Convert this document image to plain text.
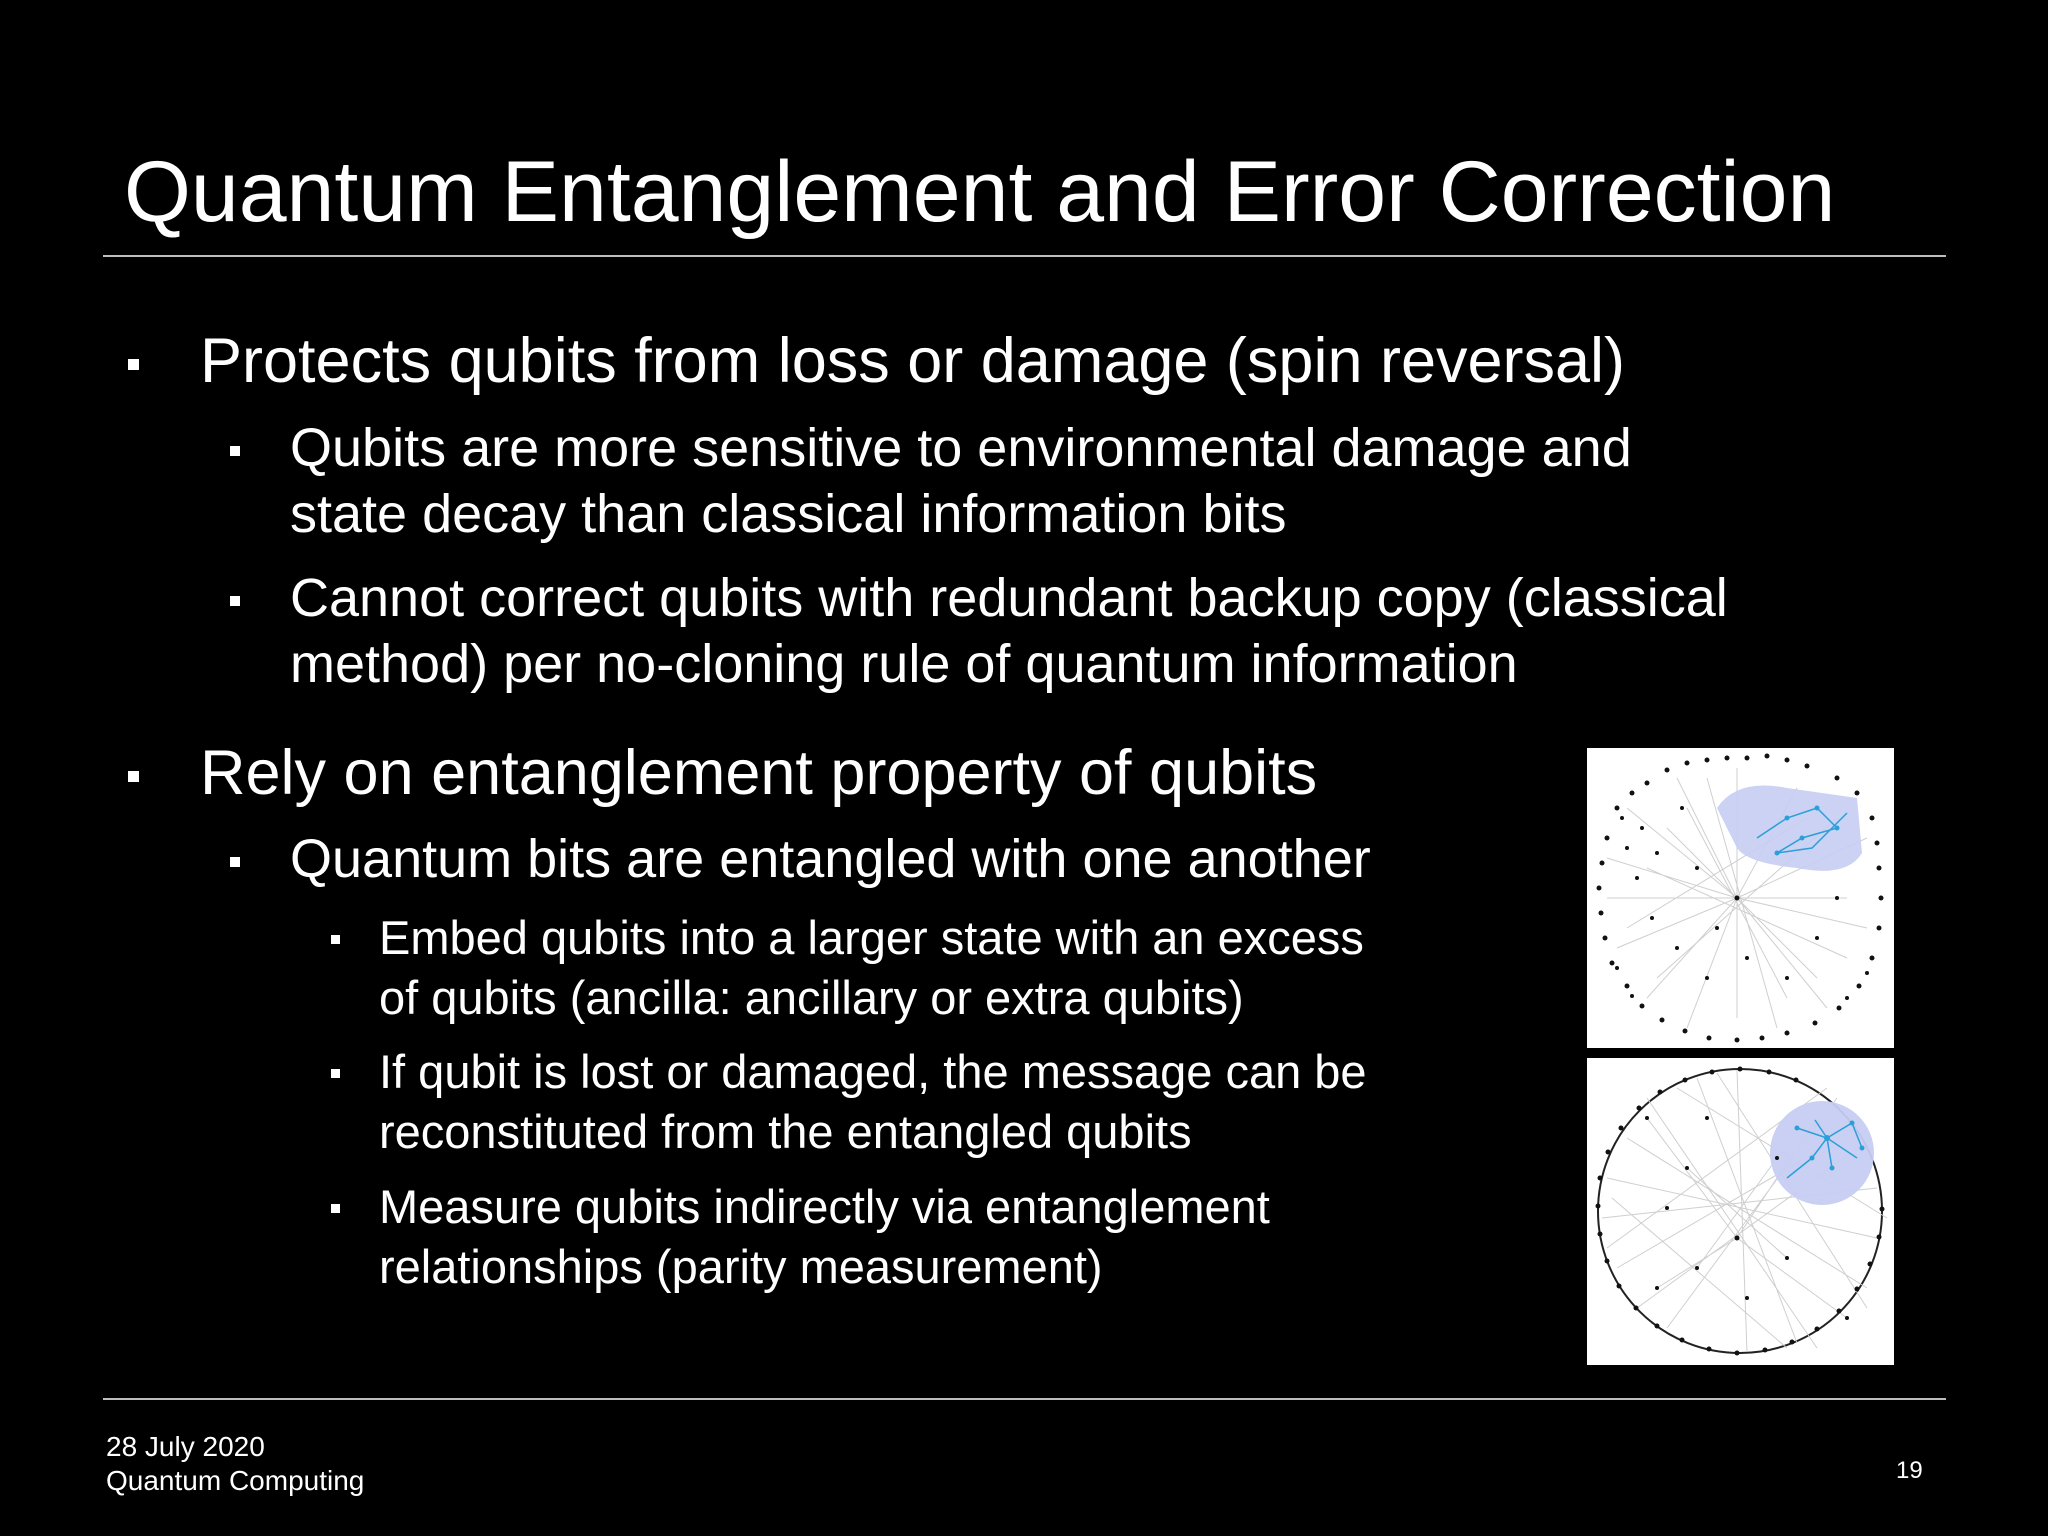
Quantum Entanglement and Error Correction
Protects qubits from loss or damage (spin reversal)
Qubits are more sensitive to environmental damage and
state decay than classical information bits
Cannot correct qubits with redundant backup copy (classical
method) per no-cloning rule of quantum information
Rely on entanglement property of qubits
Quantum bits are entangled with one another
Embed qubits into a larger state with an excess
of qubits (ancilla: ancillary or extra qubits)
If qubit is lost or damaged, the message can be
reconstituted from the entangled qubits
Measure qubits indirectly via entanglement
relationships (parity measurement)
28 July 2020
Quantum Computing	19
